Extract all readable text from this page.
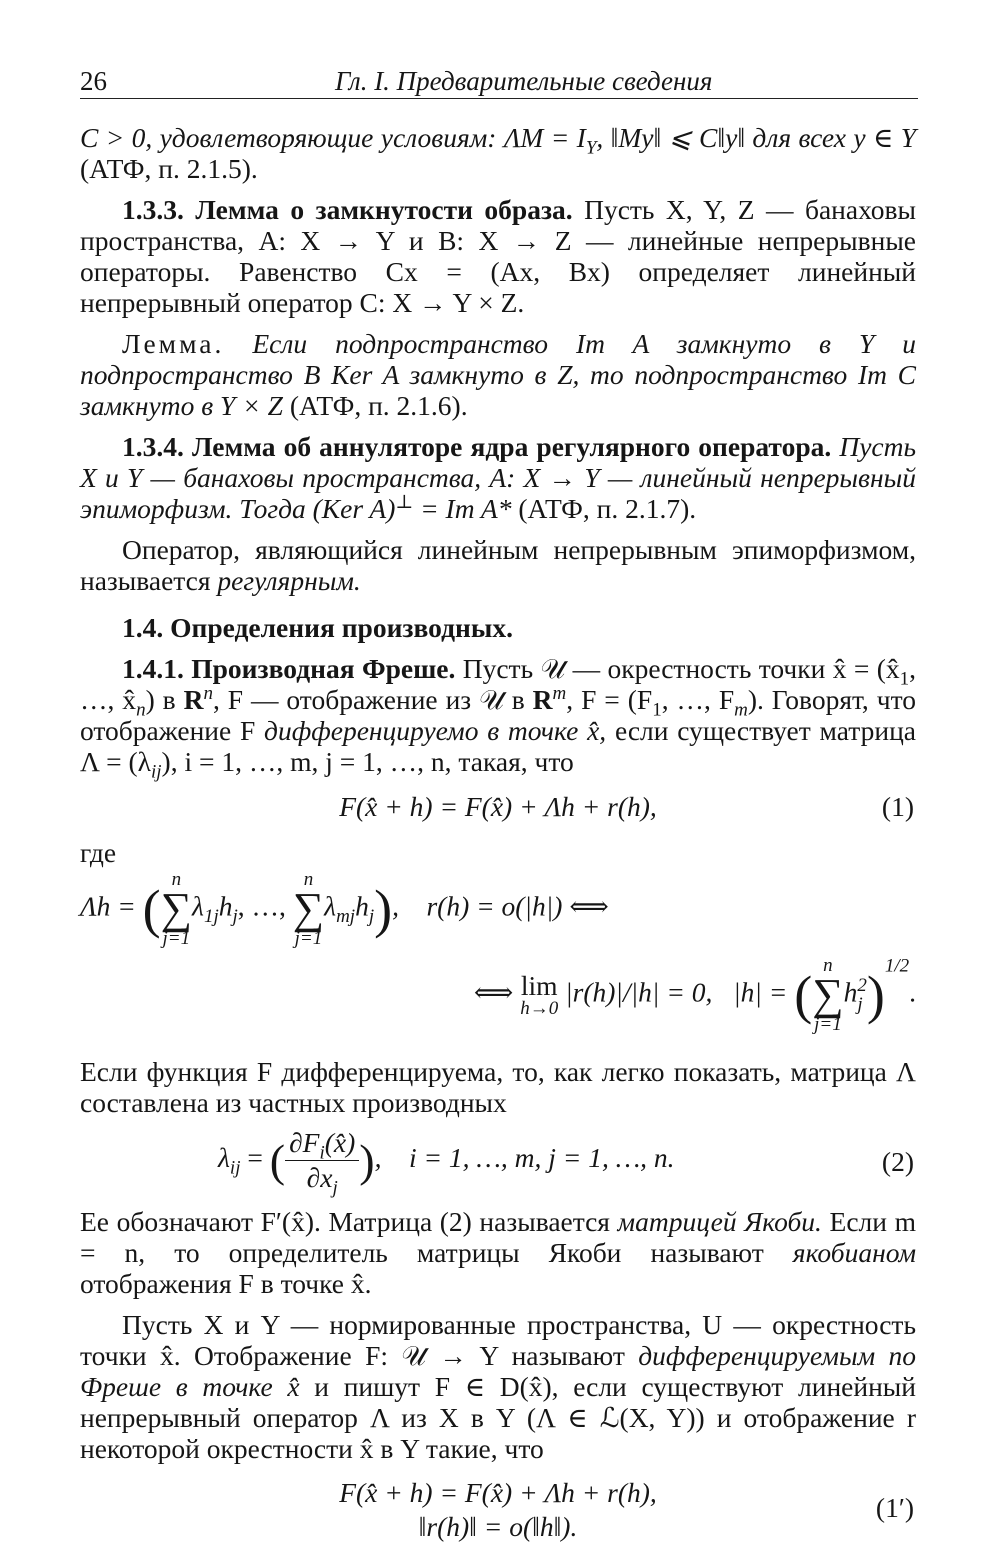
26	Гл. I. Предварительные сведения

C > 0, удовлетворяющие условиям: $\Lambda M = I_Y$, ‖My‖ ⩽ C‖y‖ для всех y ∈ Y (АТФ, п. 2.1.5).

1.3.3. Лемма о замкнутости образа. Пусть X, Y, Z — банаховы пространства, A: X → Y и B: X → Z — линейные непрерывные операторы. Равенство Cx = (Ax, Bx) определяет линейный непрерывный оператор C: X → Y × Z.

Лемма. Если подпространство Im A замкнуто в Y и подпространство B Ker A замкнуто в Z, то подпространство Im C замкнуто в Y × Z (АТФ, п. 2.1.6).

1.3.4. Лемма об аннуляторе ядра регулярного оператора. Пусть X и Y — банаховы пространства, A: X → Y — линейный непрерывный эпиморфизм. Тогда (Ker A)⊥ = Im A* (АТФ, п. 2.1.7).

Оператор, являющийся линейным непрерывным эпиморфизмом, называется регулярным.

1.4. Определения производных.

1.4.1. Производная Фреше. Пусть 𝒰 — окрестность точки x̂ = ($x̂_1$, …, $x̂_n$) в $R^n$, F — отображение из 𝒰 в $R^m$, $F = (F_1$, …, $F_m$). Говорят, что отображение F дифференцируемо в точке x̂, если существует матрица $\Lambda = (\lambda_{ij})$, i = 1, …, m, j = 1, …, n, такая, что

F(x̂ + h) = F(x̂) + Λh + r(h),	(1)

где

Λh = ( n
∑
j=1
$\lambda_{1j}h_j$, …,
n
∑
j=1
$\lambda_{mj}h_j$),    r(h) = o(|h|) ⟺
⟺ lim
h→0
|r(h)|/|h| = 0, |h| = ( n
∑
j=1
h 2
j )$^{1/2}$.

Если функция F дифференцируема, то, как легко показать, матрица Λ составлена из частных производных

$\lambda_{ij}$ = ( $\frac{\partial F_i(x̂)}{\partial x_j}$ ),    i = 1, …, m, j = 1, …, n.	(2)

Ее обозначают F′(x̂). Матрица (2) называется матрицей Якоби. Если m = n, то определитель матрицы Якоби называют якобианом отображения F в точке x̂.

Пусть X и Y — нормированные пространства, U — окрестность точки x̂. Отображение F: 𝒰 → Y называют дифференцируемым по Фреше в точке x̂ и пишут F ∈ D(x̂), если существуют линейный непрерывный оператор Λ из X в Y (Λ ∈ ℒ(X, Y)) и отображение r некоторой окрестности x̂ в Y такие, что

F(x̂ + h) = F(x̂) + Λh + r(h),
‖r(h)‖ = o(‖h‖).
(1′)
